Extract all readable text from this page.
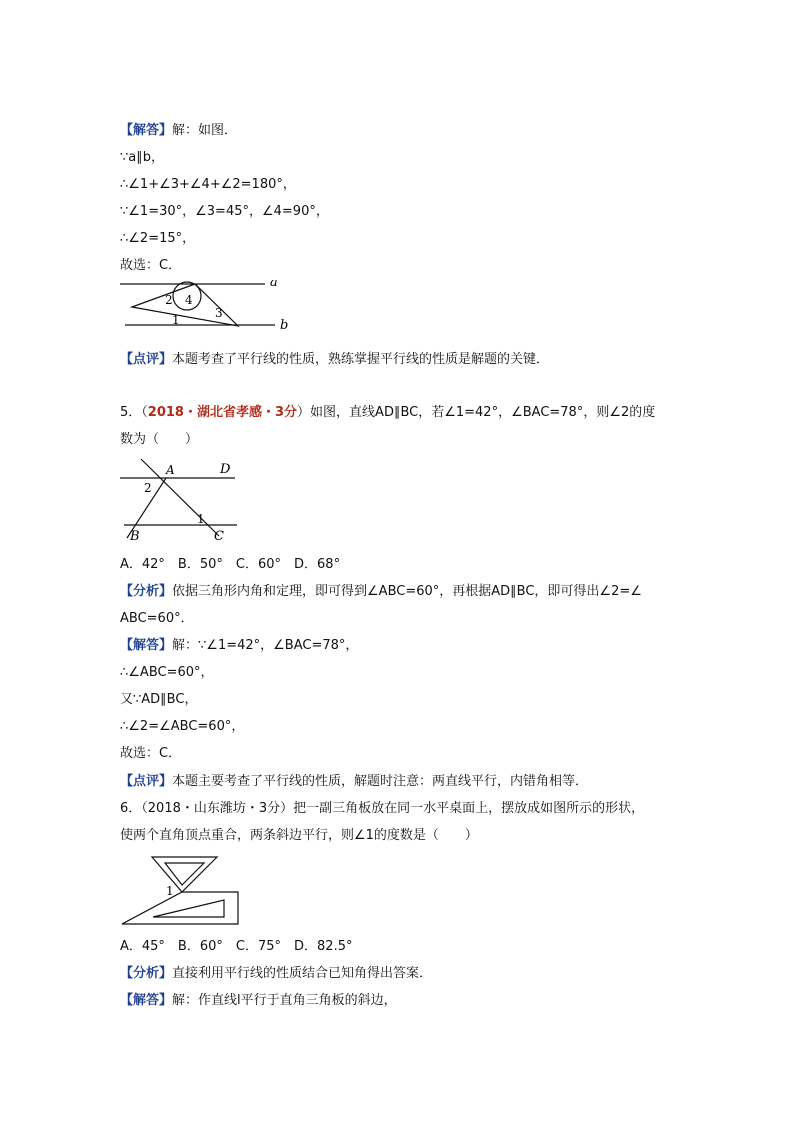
【解答】解：如图．
∵a∥b，
∴∠1+∠3+∠4+∠2=180°，
∵∠1=30°，∠3=45°，∠4=90°，
∴∠2=15°，
故选：C．
a
b
2 4
3
1
【点评】本题考查了平行线的性质，熟练掌握平行线的性质是解题的关键．
5．（2018・湖北省孝感・3分）如图，直线AD∥BC，若∠1=42°，∠BAC=78°，则∠2的度
数为（　　）
A	D
B	C
2
1
A．42°　B．50°　C．60°　D．68°
【分析】依据三角形内角和定理，即可得到∠ABC=60°，再根据AD∥BC，即可得出∠2=∠
ABC=60°．
【解答】解：∵∠1=42°，∠BAC=78°，
∴∠ABC=60°，
又∵AD∥BC，
∴∠2=∠ABC=60°，
故选：C．
【点评】本题主要考查了平行线的性质，解题时注意：两直线平行，内错角相等．
6．（2018・山东潍坊・3分）把一副三角板放在同一水平桌面上，摆放成如图所示的形状，
使两个直角顶点重合，两条斜边平行，则∠1的度数是（　　）
1
A．45°　B．60°　C．75°　D．82.5°
【分析】直接利用平行线的性质结合已知角得出答案．
【解答】解：作直线l平行于直角三角板的斜边，
